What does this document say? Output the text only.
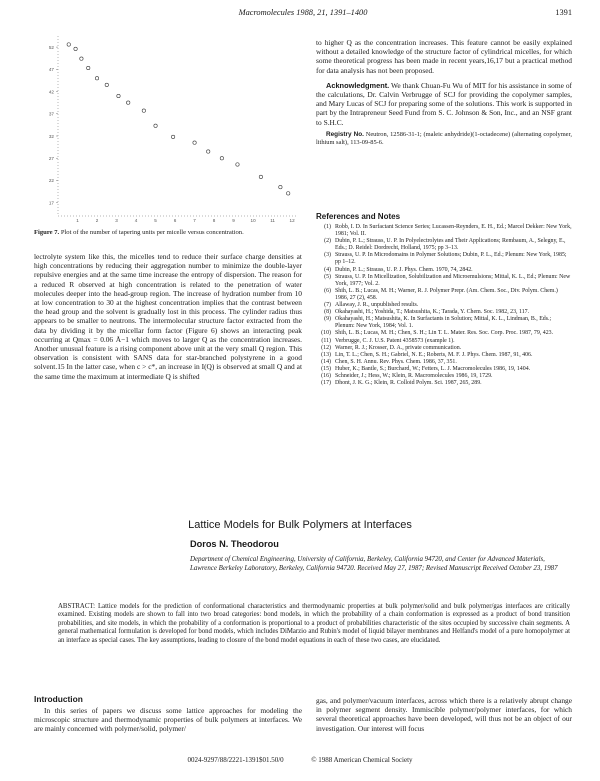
Macromolecules 1988, 21, 1391–1400	1391
52
47
42
37
32
27
22
17
1	2	3	4	5	6	7	8	9	10	11	12
Figure 7. Plot of the number of tapering units per micelle versus concentration.

lectrolyte system like this, the micelles tend to reduce their surface charge densities at high concentrations by reducing their aggregation number to minimize the double-layer repulsive energies and at the same time increase the entropy of dispersion. The reason for a reduced R observed at high concentration is related to the penetration of water molecules deeper into the head-group region. The increase of hydration number from 10 at low concentration to 30 at the highest concentration implies that the contrast between the head group and the solvent is gradually lost in this process. The cylinder radius thus appears to be smaller to neutrons. The intermolecular structure factor extracted from the data by dividing it by the micellar form factor (Figure 6) shows an interacting peak occurring at Qmax = 0.06 Å−1 which moves to larger Q as the concentration increases. Another unusual feature is a rising component above unit at the very small Q region. This observation is consistent with SANS data for star-branched polystyrene in a good solvent.15 In the latter case, when c > c*, an increase in I(Q) is observed at small Q and at the same time the maximum at intermediate Q is shifted

to higher Q as the concentration increases. This feature cannot be easily explained without a detailed knowledge of the structure factor of cylindrical micelles, for which some theoretical progress has been made in recent years,16,17 but a practical method for data analysis has not been proposed.

Acknowledgment. We thank Chuan-Fu Wu of MIT for his assistance in some of the calculations, Dr. Calvin Verbrugge of SCJ for providing the copolymer samples, and Mary Lucas of SCJ for preparing some of the solutions. This work is supported in part by the Intrapreneur Seed Fund from S. C. Johnson & Son, Inc., and an NSF grant to S.H.C.

Registry No. Neutron, 12586-31-1; (maleic anhydride)(1-octadecene) (alternating copolymer, lithium salt), 113-09-85-6.

References and Notes
(1) Robb, I. D. In Surfactant Science Series; Lucassen-Reynders, E. H., Ed.; Marcel Dekker: New York, 1981; Vol. II.
(2) Dubin, P. L.; Strauss, U. P. In Polyelectrolytes and Their Applications; Rembaum, A., Selegny, E., Eds.; D. Reidel: Dordrecht, Holland, 1975; pp 3–13.
(3) Strauss, U. P. In Microdomains in Polymer Solutions; Dubin, P. L., Ed.; Plenum: New York, 1985; pp 1–12.
(4) Dubin, P. L.; Strauss, U. P. J. Phys. Chem. 1970, 74, 2842.
(5) Strauss, U. P. In Micellization, Solubilization and Microemulsions; Mittal, K. L., Ed.; Plenum: New York, 1977; Vol. 2.
(6) Shih, L. B.; Lucas, M. H.; Warner, R. J. Polymer Prepr. (Am. Chem. Soc., Div. Polym. Chem.) 1986, 27 (2), 458.
(7) Allaway, J. R., unpublished results.
(8) Okahayashi, H.; Yoshida, T.; Matsushita, K.; Tarada, Y. Chem. Soc. 1982, 23, 117.
(9) Okahayashi, H.; Matsushita, K. In Surfactants in Solution; Mittal, K. L., Lindman, B., Eds.; Plenum: New York, 1984; Vol. 1.
(10) Shih, L. B.; Lucas, M. H.; Chen, S. H.; Lin T. L. Mater. Res. Soc. Corp. Proc. 1987, 79, 423.
(11) Verbrugge, C. J. U.S. Patent 4358573 (example 1).
(12) Warner, R. J.; Krosser, D. A., private communication.
(13) Lin, T. L.; Chen, S. H.; Gabriel, N. E.; Roberts, M. F. J. Phys. Chem. 1987, 91, 406.
(14) Chen, S. H. Annu. Rev. Phys. Chem. 1986, 37, 351.
(15) Huber, K.; Bantle, S.; Burchard, W.; Fetters, L. J. Macromolecules 1986, 19, 1404.
(16) Schneider, J.; Hess, W.; Klein, R. Macromolecules 1986, 19, 1729.
(17) Dhont, J. K. G.; Klein, R. Colloid Polym. Sci. 1987, 265, 289.
Lattice Models for Bulk Polymers at Interfaces
Doros N. Theodorou
Department of Chemical Engineering, University of California, Berkeley, California 94720, and Center for Advanced Materials, Lawrence Berkeley Laboratory, Berkeley, California 94720. Received May 27, 1987; Revised Manuscript Received October 23, 1987
ABSTRACT: Lattice models for the prediction of conformational characteristics and thermodynamic properties at bulk polymer/solid and bulk polymer/gas interfaces are critically examined. Existing models are shown to fall into two broad categories: bond models, in which the probability of a chain conformation is expressed as a product of bond transition probabilities, and site models, in which the probability of a conformation is proportional to a product of probabilities characteristic of the sites occupied by successive chain segments. A general mathematical formulation is developed for bond models, which includes DiMarzio and Rubin's model of liquid bilayer membranes and Helfand's model of a pure homopolymer at an interface as special cases. The key assumptions, leading to closure of the bond model equations in each of these two cases, are elucidated.
Introduction
In this series of papers we discuss some lattice approaches for modeling the microscopic structure and thermodynamic properties of bulk polymers at interfaces. We are mainly concerned with polymer/solid, polymer/
gas, and polymer/vacuum interfaces, across which there is a relatively abrupt change in polymer segment density. Immiscible polymer/polymer interfaces, for which several theoretical approaches have been developed, will thus not be an object of our investigation. Our interest will focus
0024-9297/88/2221-1391$01.50/0	© 1988 American Chemical Society
